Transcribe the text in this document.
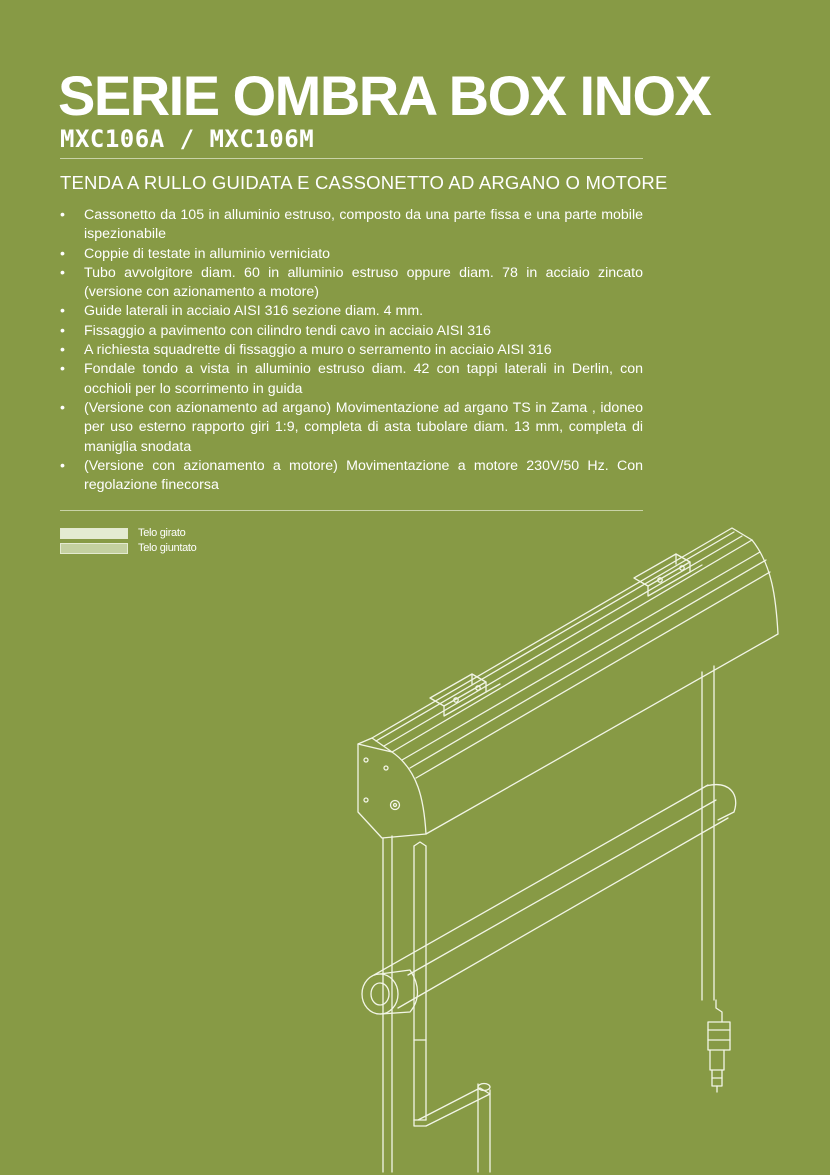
SERIE OMBRA BOX INOX
MXC106A / MXC106M
TENDA A RULLO GUIDATA E CASSONETTO AD ARGANO O MOTORE
• Cassonetto da 105 in alluminio estruso, composto da una parte fissa e una parte mobile ispezionabile
• Coppie di testate in alluminio verniciato
• Tubo avvolgitore diam. 60 in alluminio estruso oppure diam. 78 in acciaio zincato (versione con azionamento a motore)
• Guide laterali in acciaio AISI 316 sezione diam. 4 mm.
• Fissaggio a pavimento con cilindro tendi cavo in acciaio AISI 316
• A richiesta squadrette di fissaggio a muro o serramento in acciaio AISI 316
• Fondale tondo a vista in alluminio estruso diam. 42 con tappi laterali in Derlin, con occhioli per lo scorrimento in guida
• (Versione con azionamento ad argano) Movimentazione ad argano TS in Zama , idoneo per uso esterno rapporto giri 1:9, completa di asta tubolare diam. 13 mm, completa di maniglia snodata
• (Versione con azionamento a motore) Movimentazione a motore 230V/50 Hz. Con regolazione finecorsa
Telo girato
Telo giuntato
